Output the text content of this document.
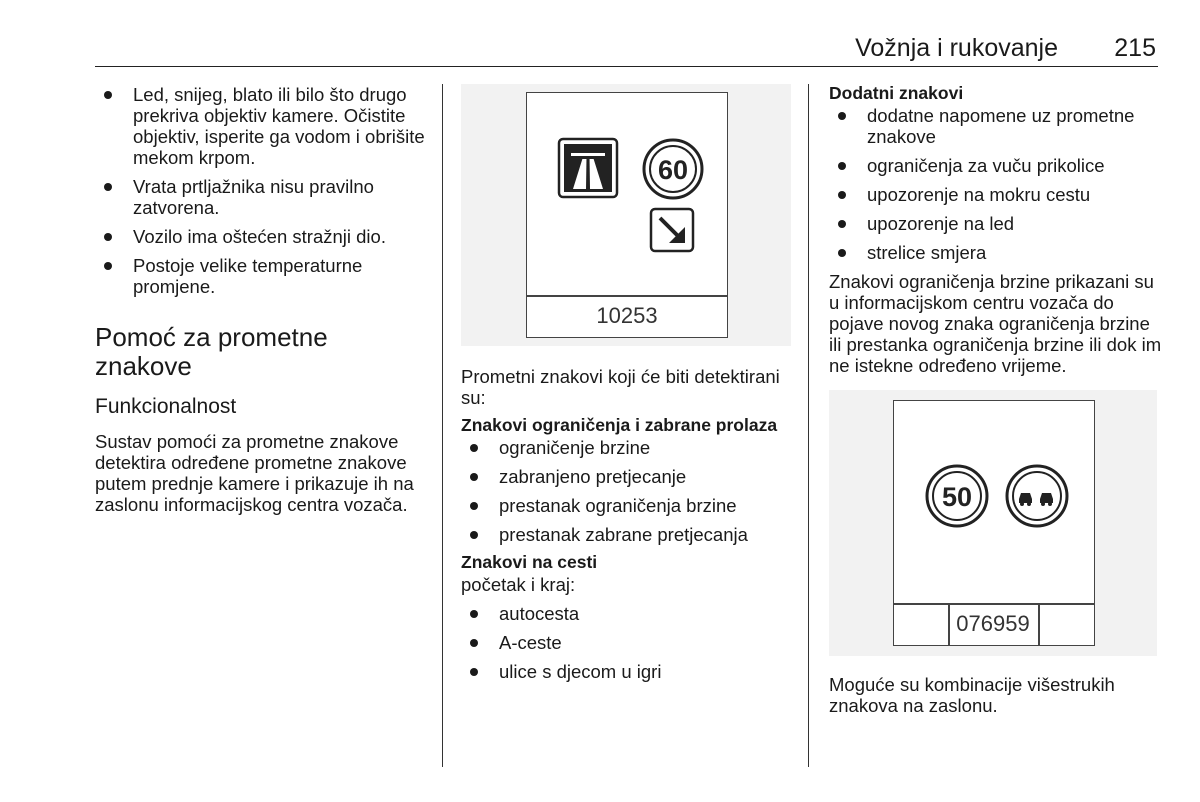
Vožnja i rukovanje 215
Led, snijeg, blato ili bilo što drugo prekriva objektiv kamere. Očistite objektiv, isperite ga vodom i obrišite mekom krpom.
Vrata prtljažnika nisu pravilno zatvorena.
Vozilo ima oštećen stražnji dio.
Postoje velike temperaturne promjene.
Pomoć za prometne znakove
Funkcionalnost

Sustav pomoći za prometne znakove detektira određene prometne znakove putem prednje kamere i prikazuje ih na zaslonu informacijskog centra vozača.

60
10253

Prometni znakovi koji će biti detektirani su:

Znakovi ograničenja i zabrane prolaza
ograničenje brzine
zabranjeno pretjecanje
prestanak ograničenja brzine
prestanak zabrane pretjecanja
Znakovi na cesti

početak i kraj:

autocesta
A-ceste
ulice s djecom u igri
Dodatni znakovi
dodatne napomene uz prometne znakove
ograničenja za vuču prikolice
upozorenje na mokru cestu
upozorenje na led
strelice smjera

Znakovi ograničenja brzine prikazani su u informacijskom centru vozača do pojave novog znaka ograničenja brzine ili prestanka ograničenja brzine ili dok im ne istekne određeno vrijeme.

50
076959

Moguće su kombinacije višestrukih znakova na zaslonu.
